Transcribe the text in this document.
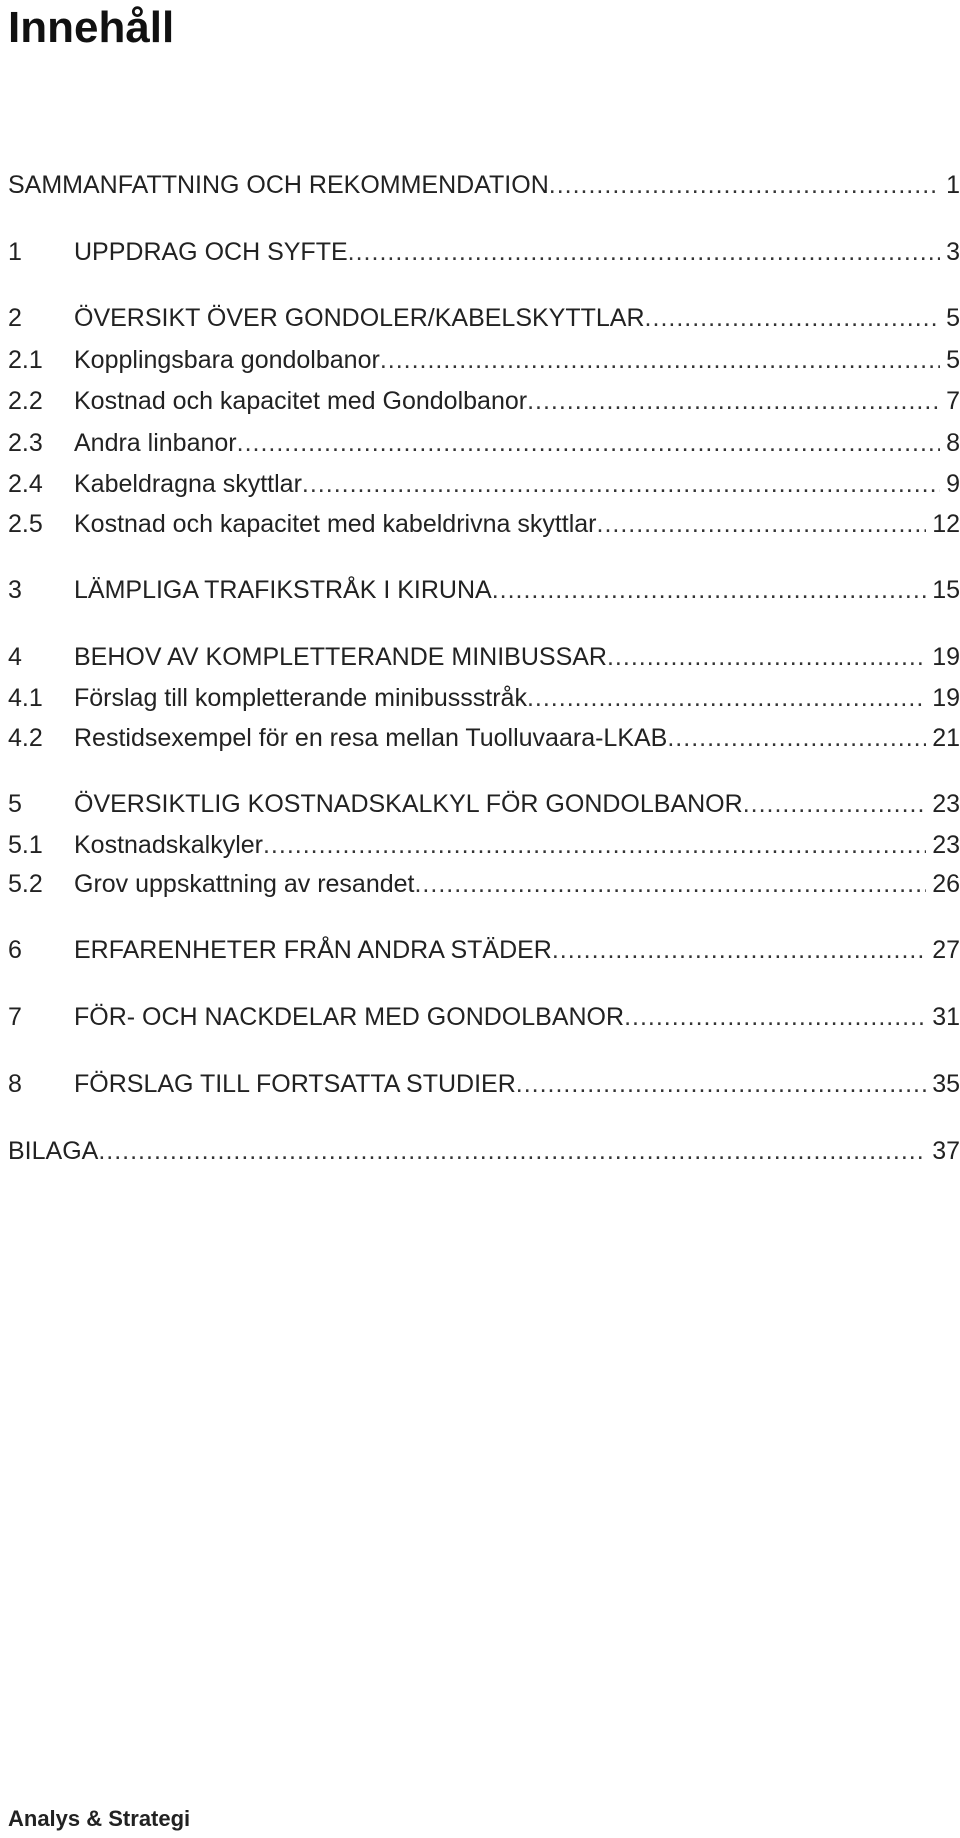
Innehåll
SAMMANFATTNING OCH REKOMMENDATION .....	1
1	UPPDRAG OCH SYFTE .....	3
2	ÖVERSIKT ÖVER GONDOLER/KABELSKYTTLAR .....	5
2.1	Kopplingsbara gondolbanor .....	5
2.2	Kostnad och kapacitet med Gondolbanor .....	7
2.3	Andra linbanor .....	8
2.4	Kabeldragna skyttlar .....	9
2.5	Kostnad och kapacitet med kabeldrivna skyttlar .....	12
3	LÄMPLIGA TRAFIKSTRÅK I KIRUNA .....	15
4	BEHOV AV KOMPLETTERANDE MINIBUSSAR .....	19
4.1	Förslag till kompletterande minibussstråk .....	19
4.2	Restidsexempel för en resa mellan Tuolluvaara-LKAB .....	21
5	ÖVERSIKTLIG KOSTNADSKALKYL FÖR GONDOLBANOR .....	23
5.1	Kostnadskalkyler .....	23
5.2	Grov uppskattning av resandet .....	26
6	ERFARENHETER FRÅN ANDRA STÄDER .....	27
7	FÖR- OCH NACKDELAR MED GONDOLBANOR .....	31
8	FÖRSLAG TILL FORTSATTA STUDIER .....	35
BILAGA .....	37
Analys & Strategi
